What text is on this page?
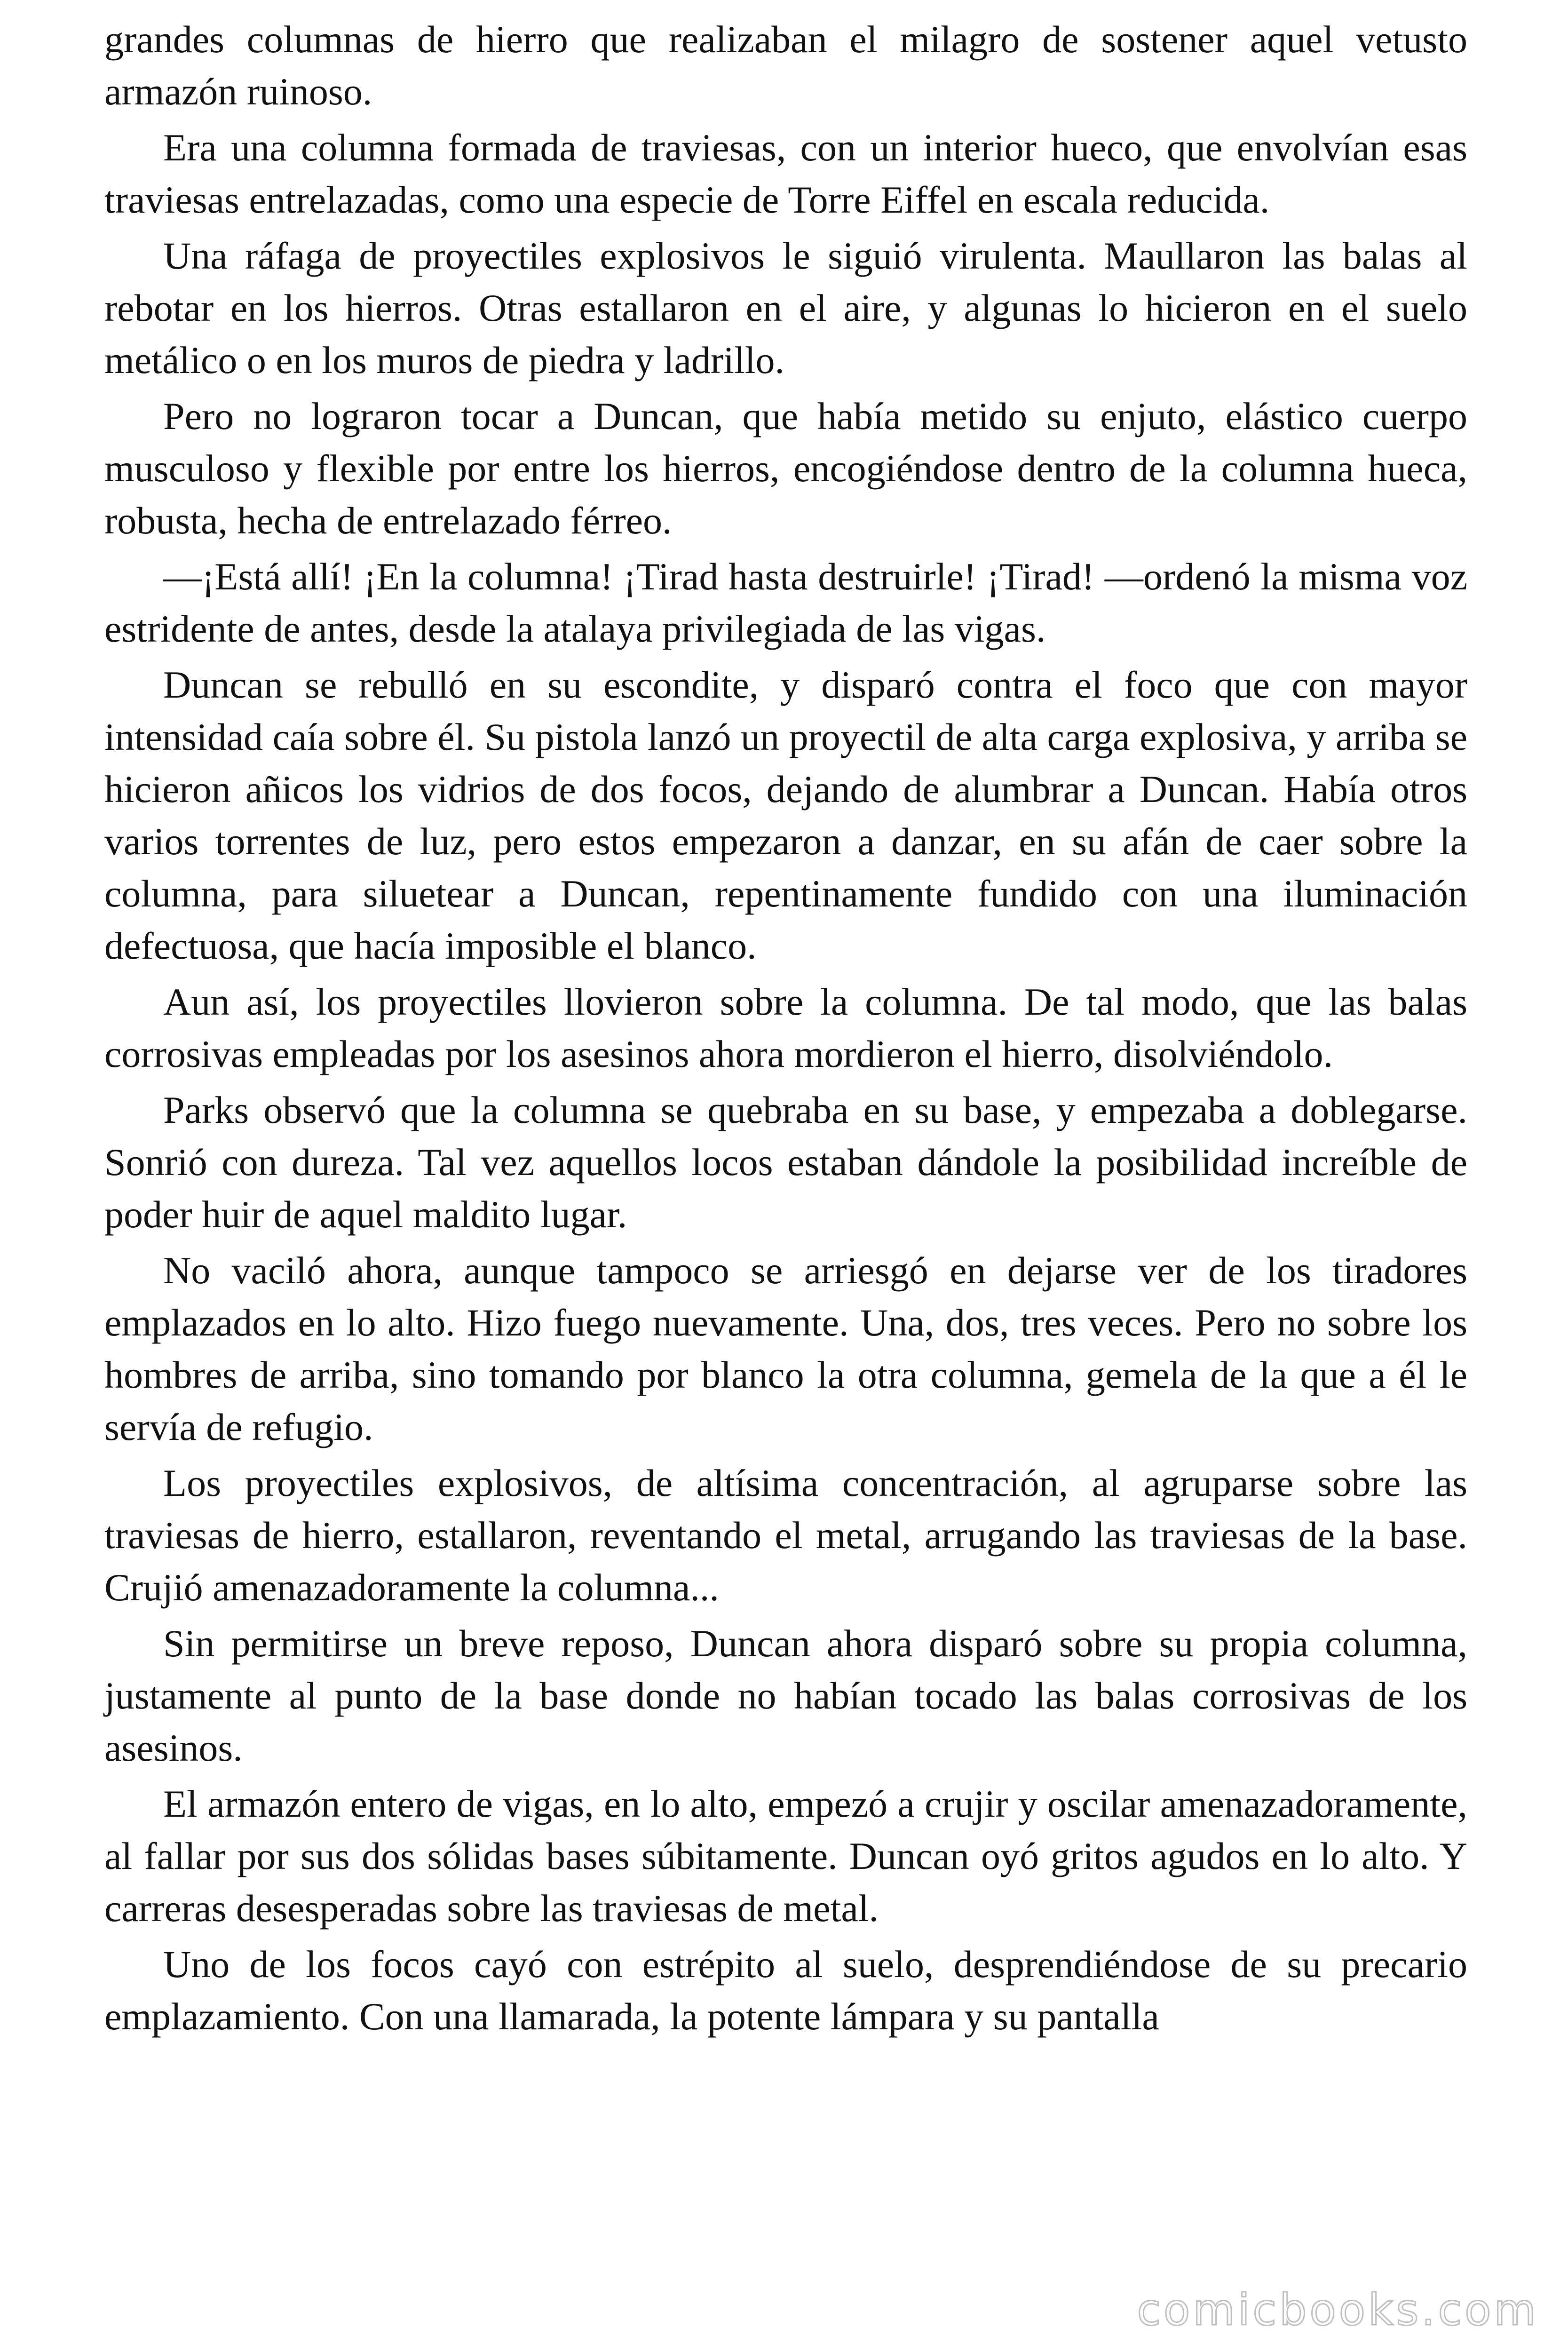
grandes columnas de hierro que realizaban el milagro de sostener aquel vetusto armazón ruinoso.

Era una columna formada de traviesas, con un interior hueco, que envolvían esas traviesas entrelazadas, como una especie de Torre Eiffel en escala reducida.

Una ráfaga de proyectiles explosivos le siguió virulenta. Maullaron las balas al rebotar en los hierros. Otras estallaron en el aire, y algunas lo hicieron en el suelo metálico o en los muros de piedra y ladrillo.

Pero no lograron tocar a Duncan, que había metido su enjuto, elástico cuerpo musculoso y flexible por entre los hierros, encogiéndose dentro de la columna hueca, robusta, hecha de entrelazado férreo.

—¡Está allí! ¡En la columna! ¡Tirad hasta destruirle! ¡Tirad! —ordenó la misma voz estridente de antes, desde la atalaya privilegiada de las vigas.

Duncan se rebulló en su escondite, y disparó contra el foco que con mayor intensidad caía sobre él. Su pistola lanzó un proyectil de alta carga explosiva, y arriba se hicieron añicos los vidrios de dos focos, dejando de alumbrar a Duncan. Había otros varios torrentes de luz, pero estos empezaron a danzar, en su afán de caer sobre la columna, para siluetear a Duncan, repentinamente fundido con una iluminación defectuosa, que hacía imposible el blanco.

Aun así, los proyectiles llovieron sobre la columna. De tal modo, que las balas corrosivas empleadas por los asesinos ahora mordieron el hierro, disolviéndolo.

Parks observó que la columna se quebraba en su base, y empezaba a doblegarse. Sonrió con dureza. Tal vez aquellos locos estaban dándole la posibilidad increíble de poder huir de aquel maldito lugar.

No vaciló ahora, aunque tampoco se arriesgó en dejarse ver de los tiradores emplazados en lo alto. Hizo fuego nuevamente. Una, dos, tres veces. Pero no sobre los hombres de arriba, sino tomando por blanco la otra columna, gemela de la que a él le servía de refugio.

Los proyectiles explosivos, de altísima concentración, al agruparse sobre las traviesas de hierro, estallaron, reventando el metal, arrugando las traviesas de la base. Crujió amenazadoramente la columna...

Sin permitirse un breve reposo, Duncan ahora disparó sobre su propia columna, justamente al punto de la base donde no habían tocado las balas corrosivas de los asesinos.

El armazón entero de vigas, en lo alto, empezó a crujir y oscilar amenazadoramente, al fallar por sus dos sólidas bases súbitamente. Duncan oyó gritos agudos en lo alto. Y carreras desesperadas sobre las traviesas de metal.

Uno de los focos cayó con estrépito al suelo, desprendiéndose de su precario emplazamiento. Con una llamarada, la potente lámpara y su pantalla

comicbooks.com
